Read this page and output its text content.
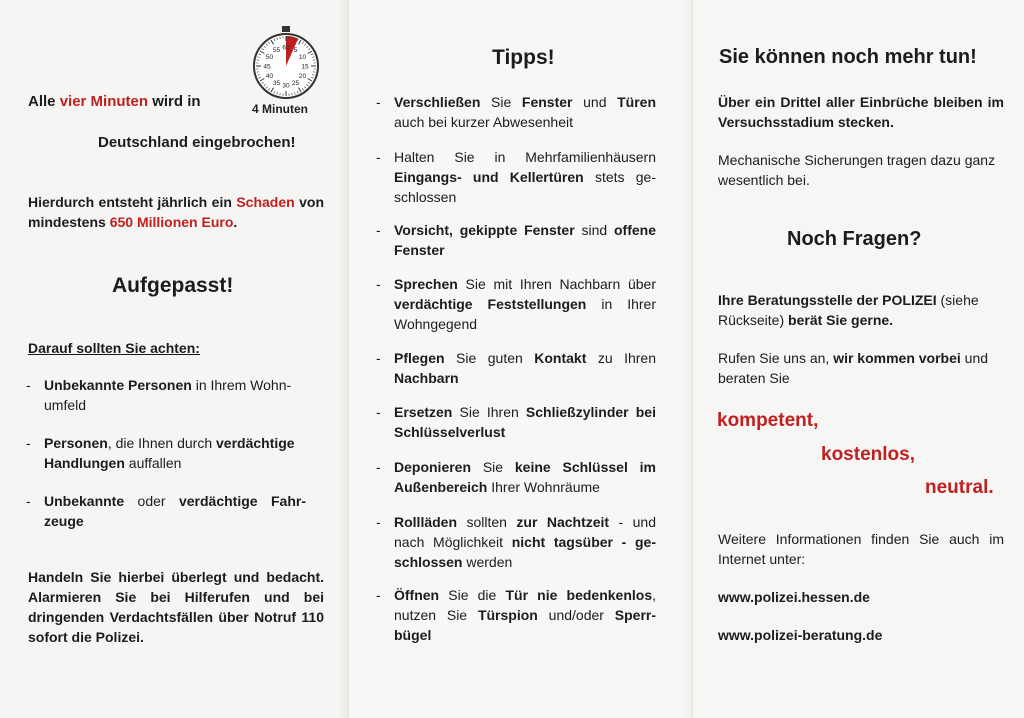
Alle vier Minuten wird in
60 5
10
15
20
25
30
35
40
45
50
55
4 Minuten
Deutschland eingebrochen!
Hierdurch entsteht jährlich ein Schaden von mindestens 650 Millionen Euro.
Aufgepasst!
Darauf sollten Sie achten:
- Unbekannte Personen in Ihrem Wohn-umfeld
- Personen, die Ihnen durch verdächtige Handlungen auffallen
- Unbekannte oder verdächtige Fahr-zeuge
Handeln Sie hierbei überlegt und bedacht. Alarmieren Sie bei Hilferufen und bei dringenden Verdachtsfällen über Notruf 110 sofort die Polizei.
Tipps!
- Verschließen Sie Fenster und Türen auch bei kurzer Abwesenheit
- Halten Sie in Mehrfamilienhäusern Eingangs- und Kellertüren stets ge-schlossen
- Vorsicht, gekippte Fenster sind offene Fenster
- Sprechen Sie mit Ihren Nachbarn über verdächtige Feststellungen in Ihrer Wohngegend
- Pflegen Sie guten Kontakt zu Ihren Nachbarn
- Ersetzen Sie Ihren Schließzylinder bei Schlüsselverlust
- Deponieren Sie keine Schlüssel im Außenbereich Ihrer Wohnräume
- Rollläden sollten zur Nachtzeit - und nach Möglichkeit nicht tagsüber - ge-schlossen werden
- Öffnen Sie die Tür nie bedenkenlos, nutzen Sie Türspion und/oder Sperr-bügel
Sie können noch mehr tun!
Über ein Drittel aller Einbrüche bleiben im Versuchsstadium stecken.
Mechanische Sicherungen tragen dazu ganz wesentlich bei.
Noch Fragen?
Ihre Beratungsstelle der POLIZEI (siehe Rückseite) berät Sie gerne.
Rufen Sie uns an, wir kommen vorbei und beraten Sie
kompetent,
kostenlos,
neutral.
Weitere Informationen finden Sie auch im Internet unter:
www.polizei.hessen.de
www.polizei-beratung.de
